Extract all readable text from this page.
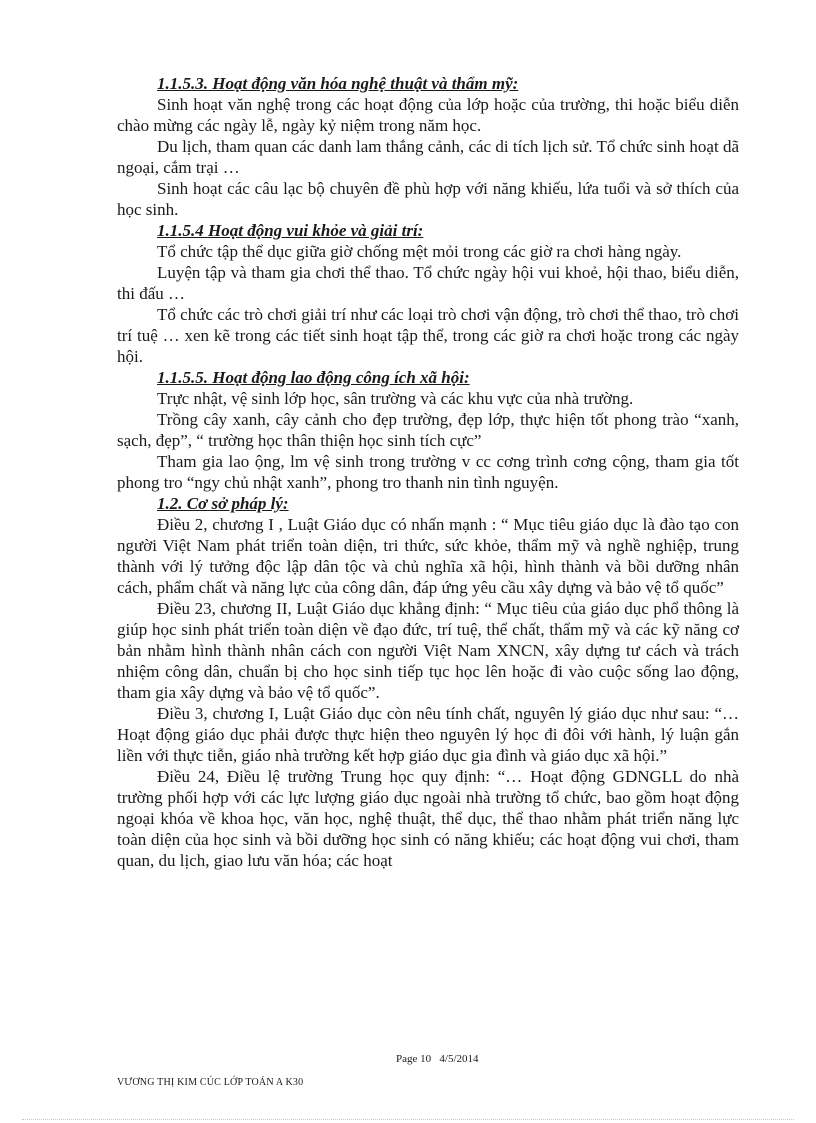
1.1.5.3. Hoạt động văn hóa nghệ thuật và thẩm mỹ:

Sinh hoạt văn nghệ trong các hoạt động của lớp hoặc của trường, thi hoặc biểu diễn chào mừng các ngày lễ, ngày kỷ niệm trong năm học.

Du lịch, tham quan các danh lam thắng cảnh, các di tích lịch sử. Tổ chức sinh hoạt dã ngoại, cắm trại …

Sinh hoạt các câu lạc bộ chuyên đề phù hợp với năng khiếu, lứa tuổi và sở thích của học sinh.

1.1.5.4 Hoạt động vui khỏe và giải trí:

Tổ chức tập thể dục giữa giờ chống mệt mỏi trong các giờ ra chơi hàng ngày.

Luyện tập và tham gia chơi thể thao. Tổ chức ngày hội vui khoẻ, hội thao, biểu diễn, thi đấu …

Tổ chức các trò chơi giải trí như các loại trò chơi vận động, trò chơi thể thao, trò chơi trí tuệ … xen kẽ trong các tiết sinh hoạt tập thể, trong các giờ ra chơi hoặc trong các ngày hội.

1.1.5.5. Hoạt động lao động công ích xã hội:

Trực nhật, vệ sinh lớp học, sân trường và các khu vực của nhà trường.

Trồng cây xanh, cây cảnh cho đẹp trường, đẹp lớp, thực hiện tốt phong trào “xanh, sạch, đẹp”, “ trường học thân thiện học sinh tích cực”

Tham gia lao ộng, lm vệ sinh trong trường v cc cơng trình cơng cộng, tham gia tốt phong tro “ngy chủ nhật xanh”, phong tro thanh nin tình nguyện.

1.2. Cơ sở pháp lý:

Điều 2, chương I , Luật Giáo dục có nhấn mạnh : “ Mục tiêu giáo dục là đào tạo con người Việt Nam phát triển toàn diện, tri thức, sức khỏe, thẩm mỹ và nghề nghiệp, trung thành với lý tưởng độc lập dân tộc và chủ nghĩa xã hội, hình thành và bồi dưỡng nhân cách, phẩm chất và năng lực của công dân, đáp ứng yêu cầu xây dựng và bảo vệ tổ quốc”

Điều 23, chương II, Luật Giáo dục khẳng định: “ Mục tiêu của giáo dục phổ thông là giúp học sinh phát triển toàn diện về đạo đức, trí tuệ, thể chất, thẩm mỹ và các kỹ năng cơ bản nhằm hình thành nhân cách con người Việt Nam XNCN, xây dựng tư cách và trách nhiệm công dân, chuẩn bị cho học sinh tiếp tục học lên hoặc đi vào cuộc sống lao động, tham gia xây dựng và bảo vệ tổ quốc”.

Điều 3, chương I, Luật Giáo dục còn nêu tính chất, nguyên lý giáo dục như sau: “… Hoạt động giáo dục phải được thực hiện theo nguyên lý học đi đôi với hành, lý luận gắn liền với thực tiễn, giáo nhà trường kết hợp giáo dục gia đình và giáo dục xã hội.”

Điều 24, Điều lệ trường Trung học quy định: “… Hoạt động GDNGLL do nhà trường phối hợp với các lực lượng giáo dục ngoài nhà trường tổ chức, bao gồm hoạt động ngoại khóa về khoa học, văn học, nghệ thuật, thể dục, thể thao nhằm phát triển năng lực toàn diện của học sinh và bồi dưỡng học sinh có năng khiếu; các hoạt động vui chơi, tham quan, du lịch, giao lưu văn hóa; các hoạt

Page 10 4/5/2014
VƯƠNG THỊ KIM CÚC LỚP TOÁN A K30
